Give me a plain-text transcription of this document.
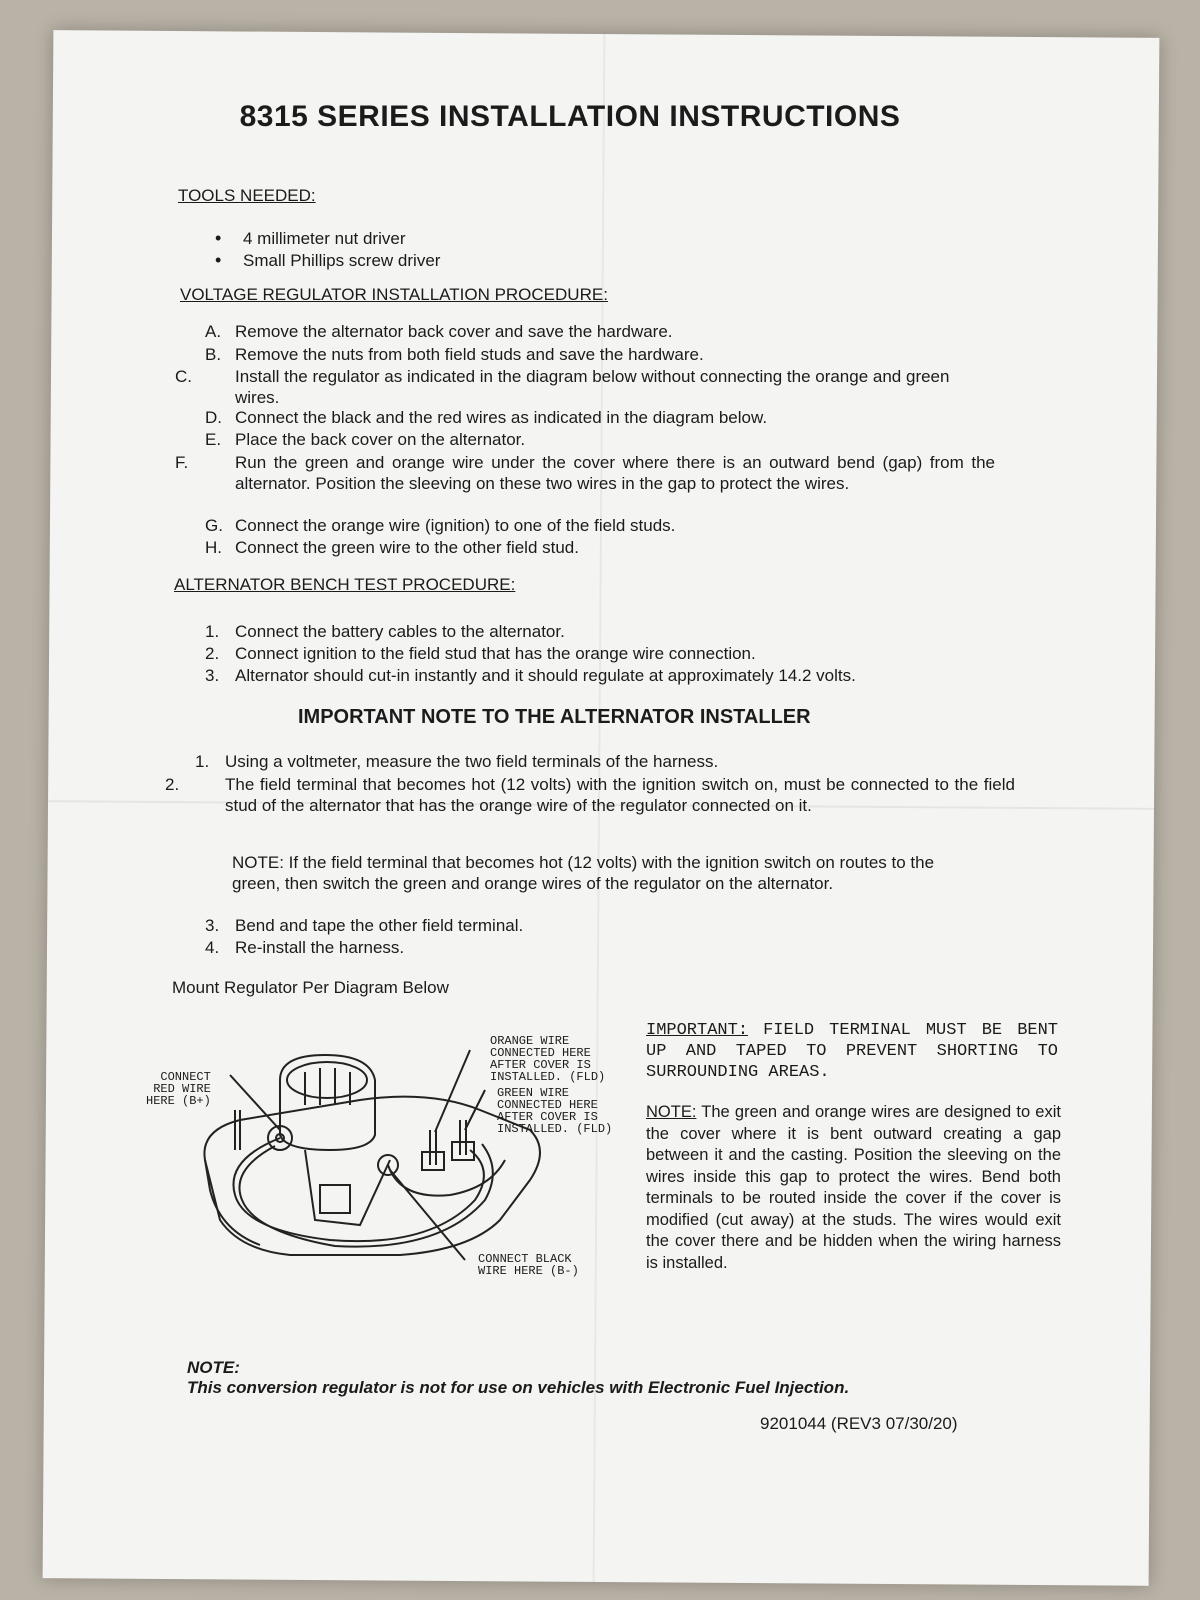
8315 SERIES INSTALLATION INSTRUCTIONS
TOOLS NEEDED:
• 4 millimeter nut driver
• Small Phillips screw driver
VOLTAGE REGULATOR INSTALLATION PROCEDURE:
A. Remove the alternator back cover and save the hardware.
B. Remove the nuts from both field studs and save the hardware.
C.	Install the regulator as indicated in the diagram below without connecting the orange and green wires.
D. Connect the black and the red wires as indicated in the diagram below.
E. Place the back cover on the alternator.
F.	Run the green and orange wire under the cover where there is an outward bend (gap) from the alternator. Position the sleeving on these two wires in the gap to protect the wires.
G. Connect the orange wire (ignition) to one of the field studs.
H. Connect the green wire to the other field stud.
ALTERNATOR BENCH TEST PROCEDURE:
1. Connect the battery cables to the alternator.
2. Connect ignition to the field stud that has the orange wire connection.
3. Alternator should cut-in instantly and it should regulate at approximately 14.2 volts.
IMPORTANT NOTE TO THE ALTERNATOR INSTALLER
1. Using a voltmeter, measure the two field terminals of the harness.
2.	The field terminal that becomes hot (12 volts) with the ignition switch on, must be connected to the field stud of the alternator that has the orange wire of the regulator connected on it.
NOTE: If the field terminal that becomes hot (12 volts) with the ignition switch on routes to the green, then switch the green and orange wires of the regulator on the alternator.
3. Bend and tape the other field terminal.
4. Re-install the harness.
Mount Regulator Per Diagram Below
CONNECT
RED WIRE
HERE (B+)
ORANGE WIRE
CONNECTED HERE
AFTER COVER IS
INSTALLED. (FLD)
GREEN WIRE
CONNECTED HERE
AFTER COVER IS
INSTALLED. (FLD)
CONNECT BLACK
WIRE HERE (B-)
IMPORTANT: FIELD TERMINAL MUST BE BENT UP AND TAPED TO PREVENT SHORTING TO SURROUNDING AREAS.
NOTE: The green and orange wires are designed to exit the cover where it is bent outward creating a gap between it and the casting. Position the sleeving on the wires inside this gap to protect the wires. Bend both terminals to be routed inside the cover if the cover is modified (cut away) at the studs. The wires would exit the cover there and be hidden when the wiring harness is installed.
NOTE:
This conversion regulator is not for use on vehicles with Electronic Fuel Injection.
9201044 (REV3 07/30/20)
